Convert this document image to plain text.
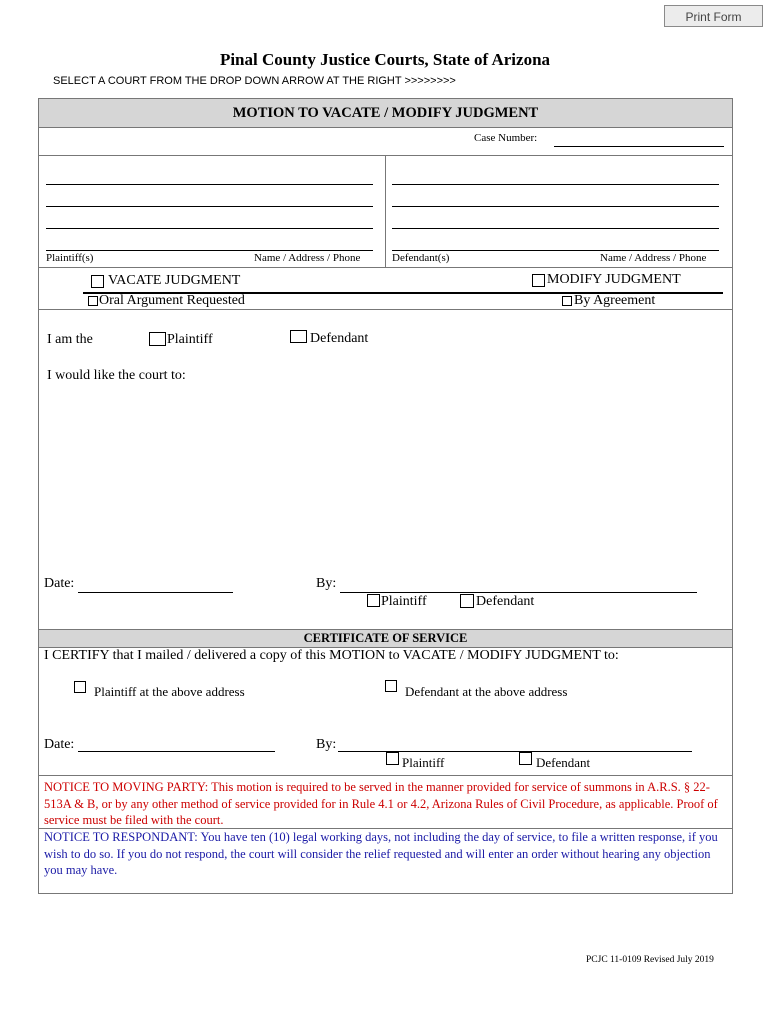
Print Form
Pinal County Justice Courts, State of Arizona
SELECT A COURT FROM THE DROP DOWN ARROW AT THE RIGHT >>>>>>>>
MOTION TO VACATE / MODIFY JUDGMENT
Case Number:
Plaintiff(s)	Name / Address / Phone	Defendant(s)	Name / Address / Phone
VACATE JUDGMENT	MODIFY JUDGMENT
Oral Argument Requested	By Agreement
I am the	Plaintiff	Defendant
I would like the court to:
Date:	By:
Plaintiff	Defendant
CERTIFICATE OF SERVICE
I CERTIFY that I mailed / delivered a copy of this MOTION to VACATE / MODIFY JUDGMENT to:
Plaintiff at the above address	Defendant at the above address
Date:	By:
Plaintiff	Defendant
NOTICE TO MOVING PARTY: This motion is required to be served in the manner provided for service of summons in A.R.S. § 22-513A & B, or by any other method of service provided for in Rule 4.1 or 4.2, Arizona Rules of Civil Procedure, as applicable. Proof of service must be filed with the court.
NOTICE TO RESPONDANT: You have ten (10) legal working days, not including the day of service, to file a written response, if you wish to do so. If you do not respond, the court will consider the relief requested and will enter an order without hearing any objection you may have.
PCJC 11-0109 Revised July 2019
